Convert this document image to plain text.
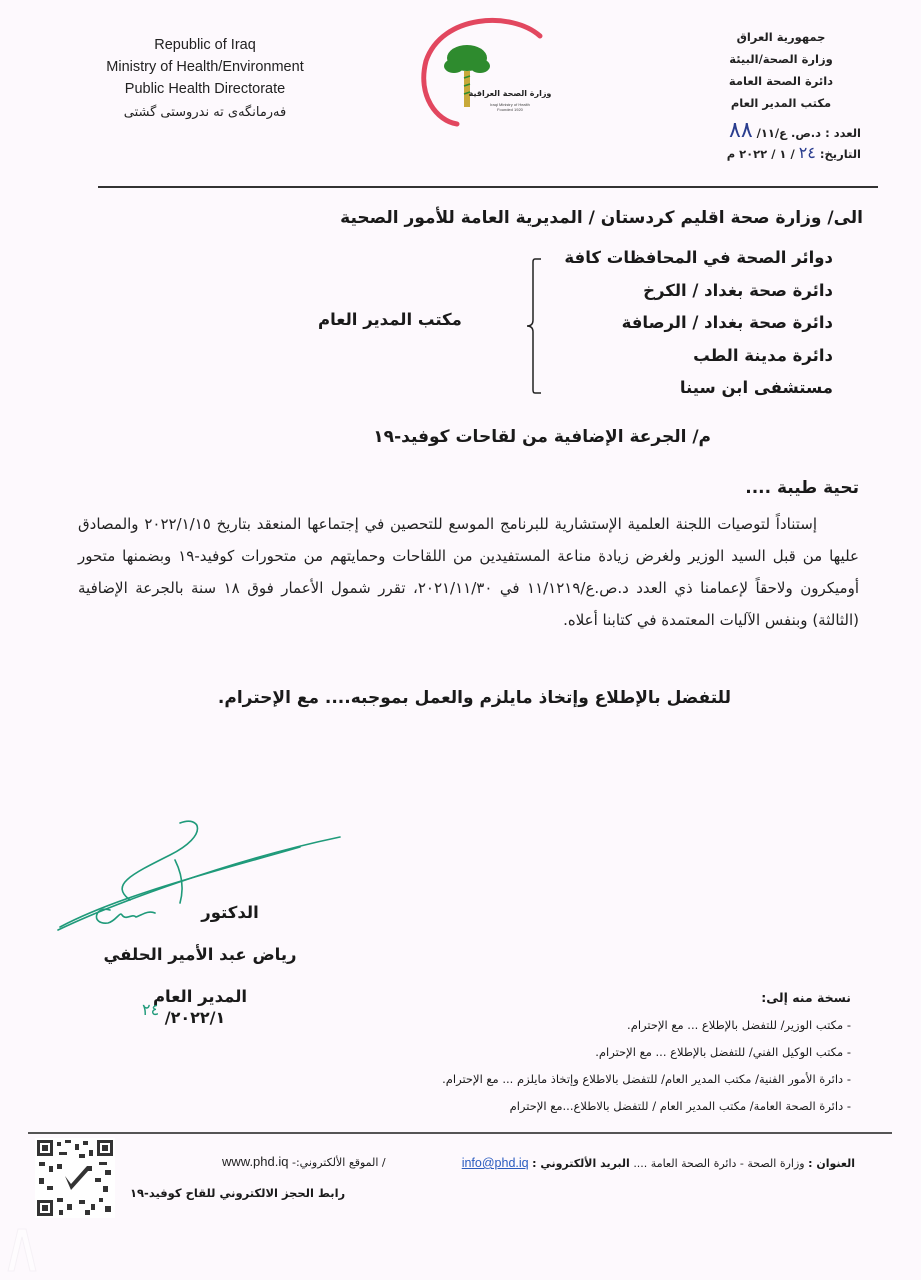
Republic of Iraq
Ministry of Health/Environment
Public Health Directorate
فەرمانگەی تە ندروستی گشتی
وزارة الصحة العراقية
Iraqi Ministry of Health
Founded 1920
جمهورية العراق
وزارة الصحة/البيئة
دائرة الصحة العامة
مكتب المدير العام
العدد : د.ص. ع/١١/ ٨٨
التاريخ: ٢٤ / ١ / ٢٠٢٢ م
الى/ وزارة صحة اقليم كردستان / المديرية العامة للأمور الصحية
دوائر الصحة في المحافظات كافة
دائرة صحة بغداد / الكرخ
دائرة صحة بغداد / الرصافة
دائرة مدينة الطب
مستشفى ابن سينا
مكتب المدير العام
م/ الجرعة الإضافية من لقاحات كوفيد-١٩
تحية طيبة ....

إستناداً لتوصيات اللجنة العلمية الإستشارية للبرنامج الموسع للتحصين في إجتماعها المنعقد بتاريخ ٢٠٢٢/١/١٥ والمصادق عليها من قبل السيد الوزير ولغرض زيادة مناعة المستفيدين من اللقاحات وحمايتهم من متحورات كوفيد-١٩ وبضمنها متحور أوميكرون ولاحقاً لإعمامنا ذي العدد د.ص.ع/١١/١٢١٩ في ٢٠٢١/١١/٣٠، تقرر شمول الأعمار فوق ١٨ سنة بالجرعة الإضافية (الثالثة) وبنفس الآليات المعتمدة في كتابنا أعلاه.

للتفضل بالإطلاع وإتخاذ مايلزم والعمل بموجبه.... مع الإحترام.
الدكتور
رياض عبد الأمير الحلفي
المدير العام
٢٠٢٢/١/ ٢٤
نسخة منه إلى:
- مكتب الوزير/ للتفضل بالإطلاع ... مع الإحترام.
- مكتب الوكيل الفني/ للتفضل بالإطلاع ... مع الإحترام.
- دائرة الأمور الفنية/ مكتب المدير العام/ للتفضل بالاطلاع وإتخاذ مايلزم ... مع الإحترام.
- دائرة الصحة العامة/ مكتب المدير العام / للتفضل بالاطلاع...مع الإحترام
العنوان : وزارة الصحة - دائرة الصحة العامة .... البريد الألكتروني : info@phd.iq
/ الموقع الألكتروني:- www.phd.iq
رابط الحجز الالكتروني للقاح كوفيد-١٩
